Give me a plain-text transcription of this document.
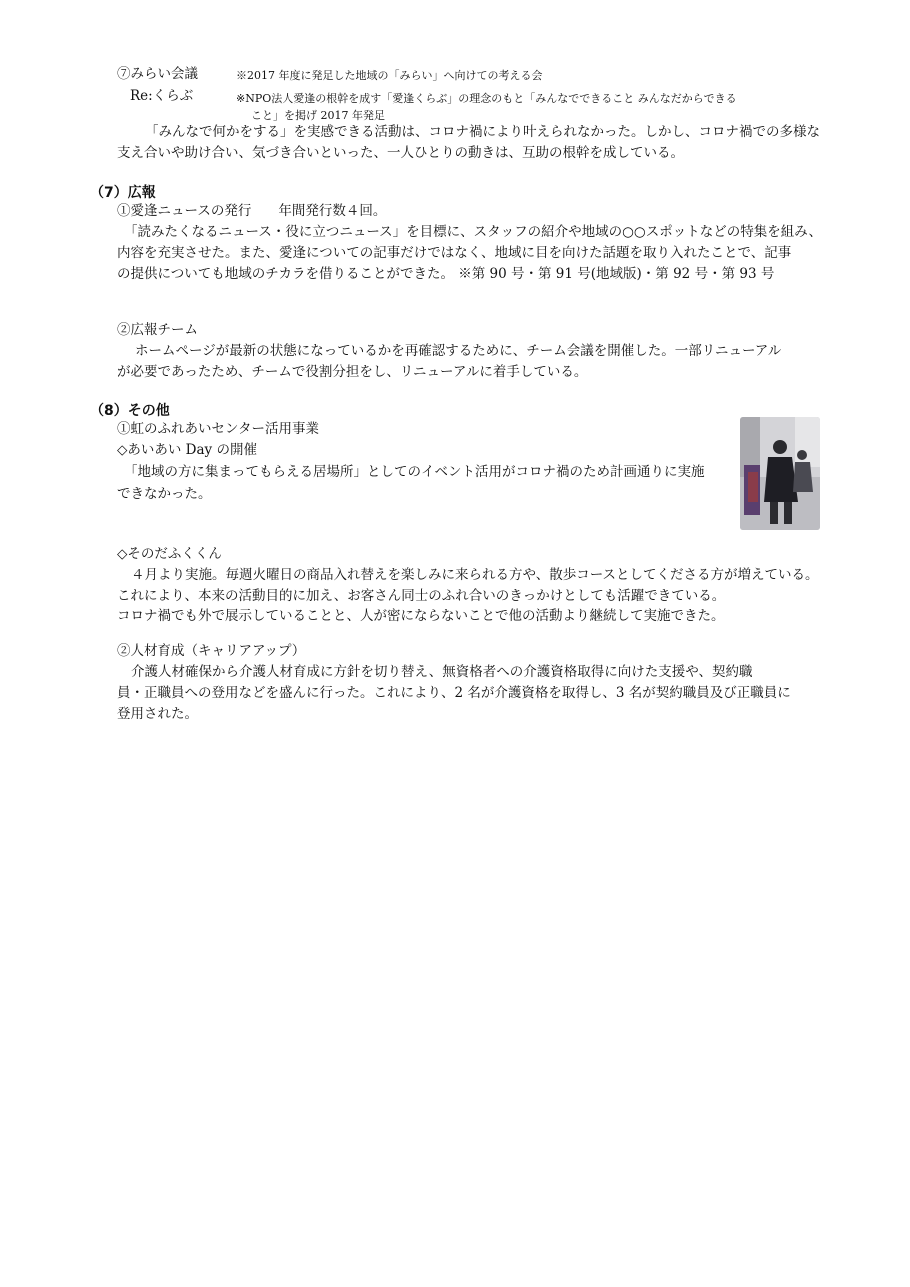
⑦みらい会議	※2017 年度に発足した地域の「みらい」へ向けての考える会
Re:くらぶ	※NPO法人愛逢の根幹を成す「愛逢くらぶ」の理念のもと「みんなでできること みんなだからできる
こと」を掲げ 2017 年発足
「みんなで何かをする」を実感できる活動は、コロナ禍により叶えられなかった。しかし、コロナ禍での多様な
支え合いや助け合い、気づき合いといった、一人ひとりの動きは、互助の根幹を成している。
（7）広報
①愛逢ニュースの発行　　年間発行数４回。
「読みたくなるニュース・役に立つニュース」を目標に、スタッフの紹介や地域の○○スポットなどの特集を組み、
内容を充実させた。また、愛逢についての記事だけではなく、地域に目を向けた話題を取り入れたことで、記事
の提供についても地域のチカラを借りることができた。 ※第 90 号・第 91 号(地域版)・第 92 号・第 93 号
②広報チーム
ホームページが最新の状態になっているかを再確認するために、チーム会議を開催した。一部リニューアル
が必要であったため、チームで役割分担をし、リニューアルに着手している。
（8）その他
①虹のふれあいセンター活用事業
◇あいあい Day の開催
「地域の方に集まってもらえる居場所」としてのイベント活用がコロナ禍のため計画通りに実施
できなかった。
◇そのだふくくん
４月より実施。毎週火曜日の商品入れ替えを楽しみに来られる方や、散歩コースとしてくださる方が増えている。
これにより、本来の活動目的に加え、お客さん同士のふれ合いのきっかけとしても活躍できている。
コロナ禍でも外で展示していることと、人が密にならないことで他の活動より継続して実施できた。
②人材育成（キャリアアップ）
介護人材確保から介護人材育成に方針を切り替え、無資格者への介護資格取得に向けた支援や、契約職
員・正職員への登用などを盛んに行った。これにより、2 名が介護資格を取得し、3 名が契約職員及び正職員に
登用された。
